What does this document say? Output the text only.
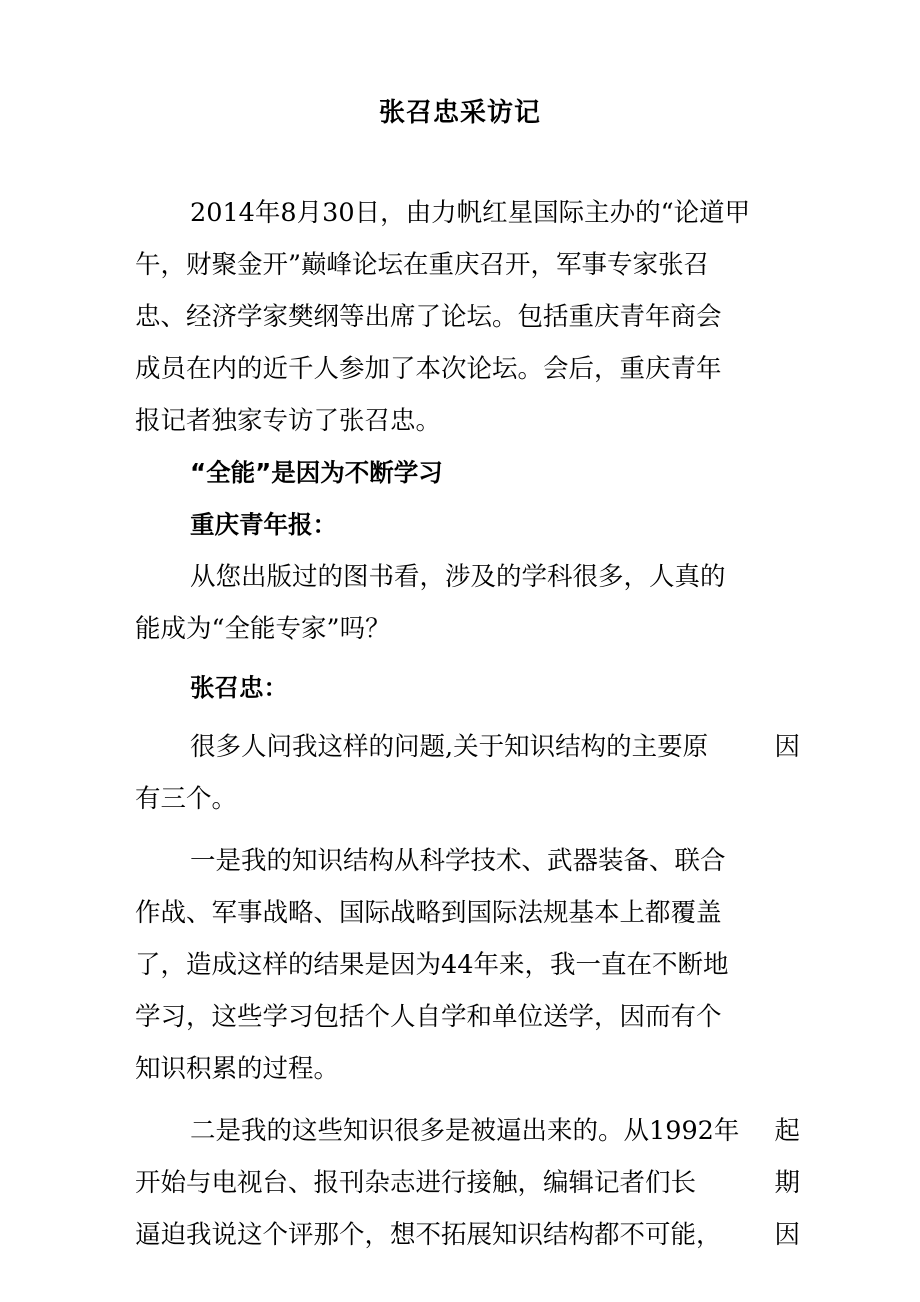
张召忠采访记
2014年8月30日，由力帆红星国际主办的“论道甲
午，财聚金开”巅峰论坛在重庆召开，军事专家张召
忠、经济学家樊纲等出席了论坛。包括重庆青年商会
成员在内的近千人参加了本次论坛。会后，重庆青年
报记者独家专访了张召忠。
“全能”是因为不断学习
重庆青年报：
从您出版过的图书看，涉及的学科很多，人真的
能成为“全能专家”吗？
张召忠：
很多人问我这样的问题,关于知识结构的主要原	因
有三个。
一是我的知识结构从科学技术、武器装备、联合
作战、军事战略、国际战略到国际法规基本上都覆盖
了，造成这样的结果是因为44年来，我一直在不断地
学习，这些学习包括个人自学和单位送学，因而有个
知识积累的过程。
二是我的这些知识很多是被逼出来的。从1992年 起
开始与电视台、报刊杂志进行接触，编辑记者们长	期
逼迫我说这个评那个，想不拓展知识结构都不可能， 因
